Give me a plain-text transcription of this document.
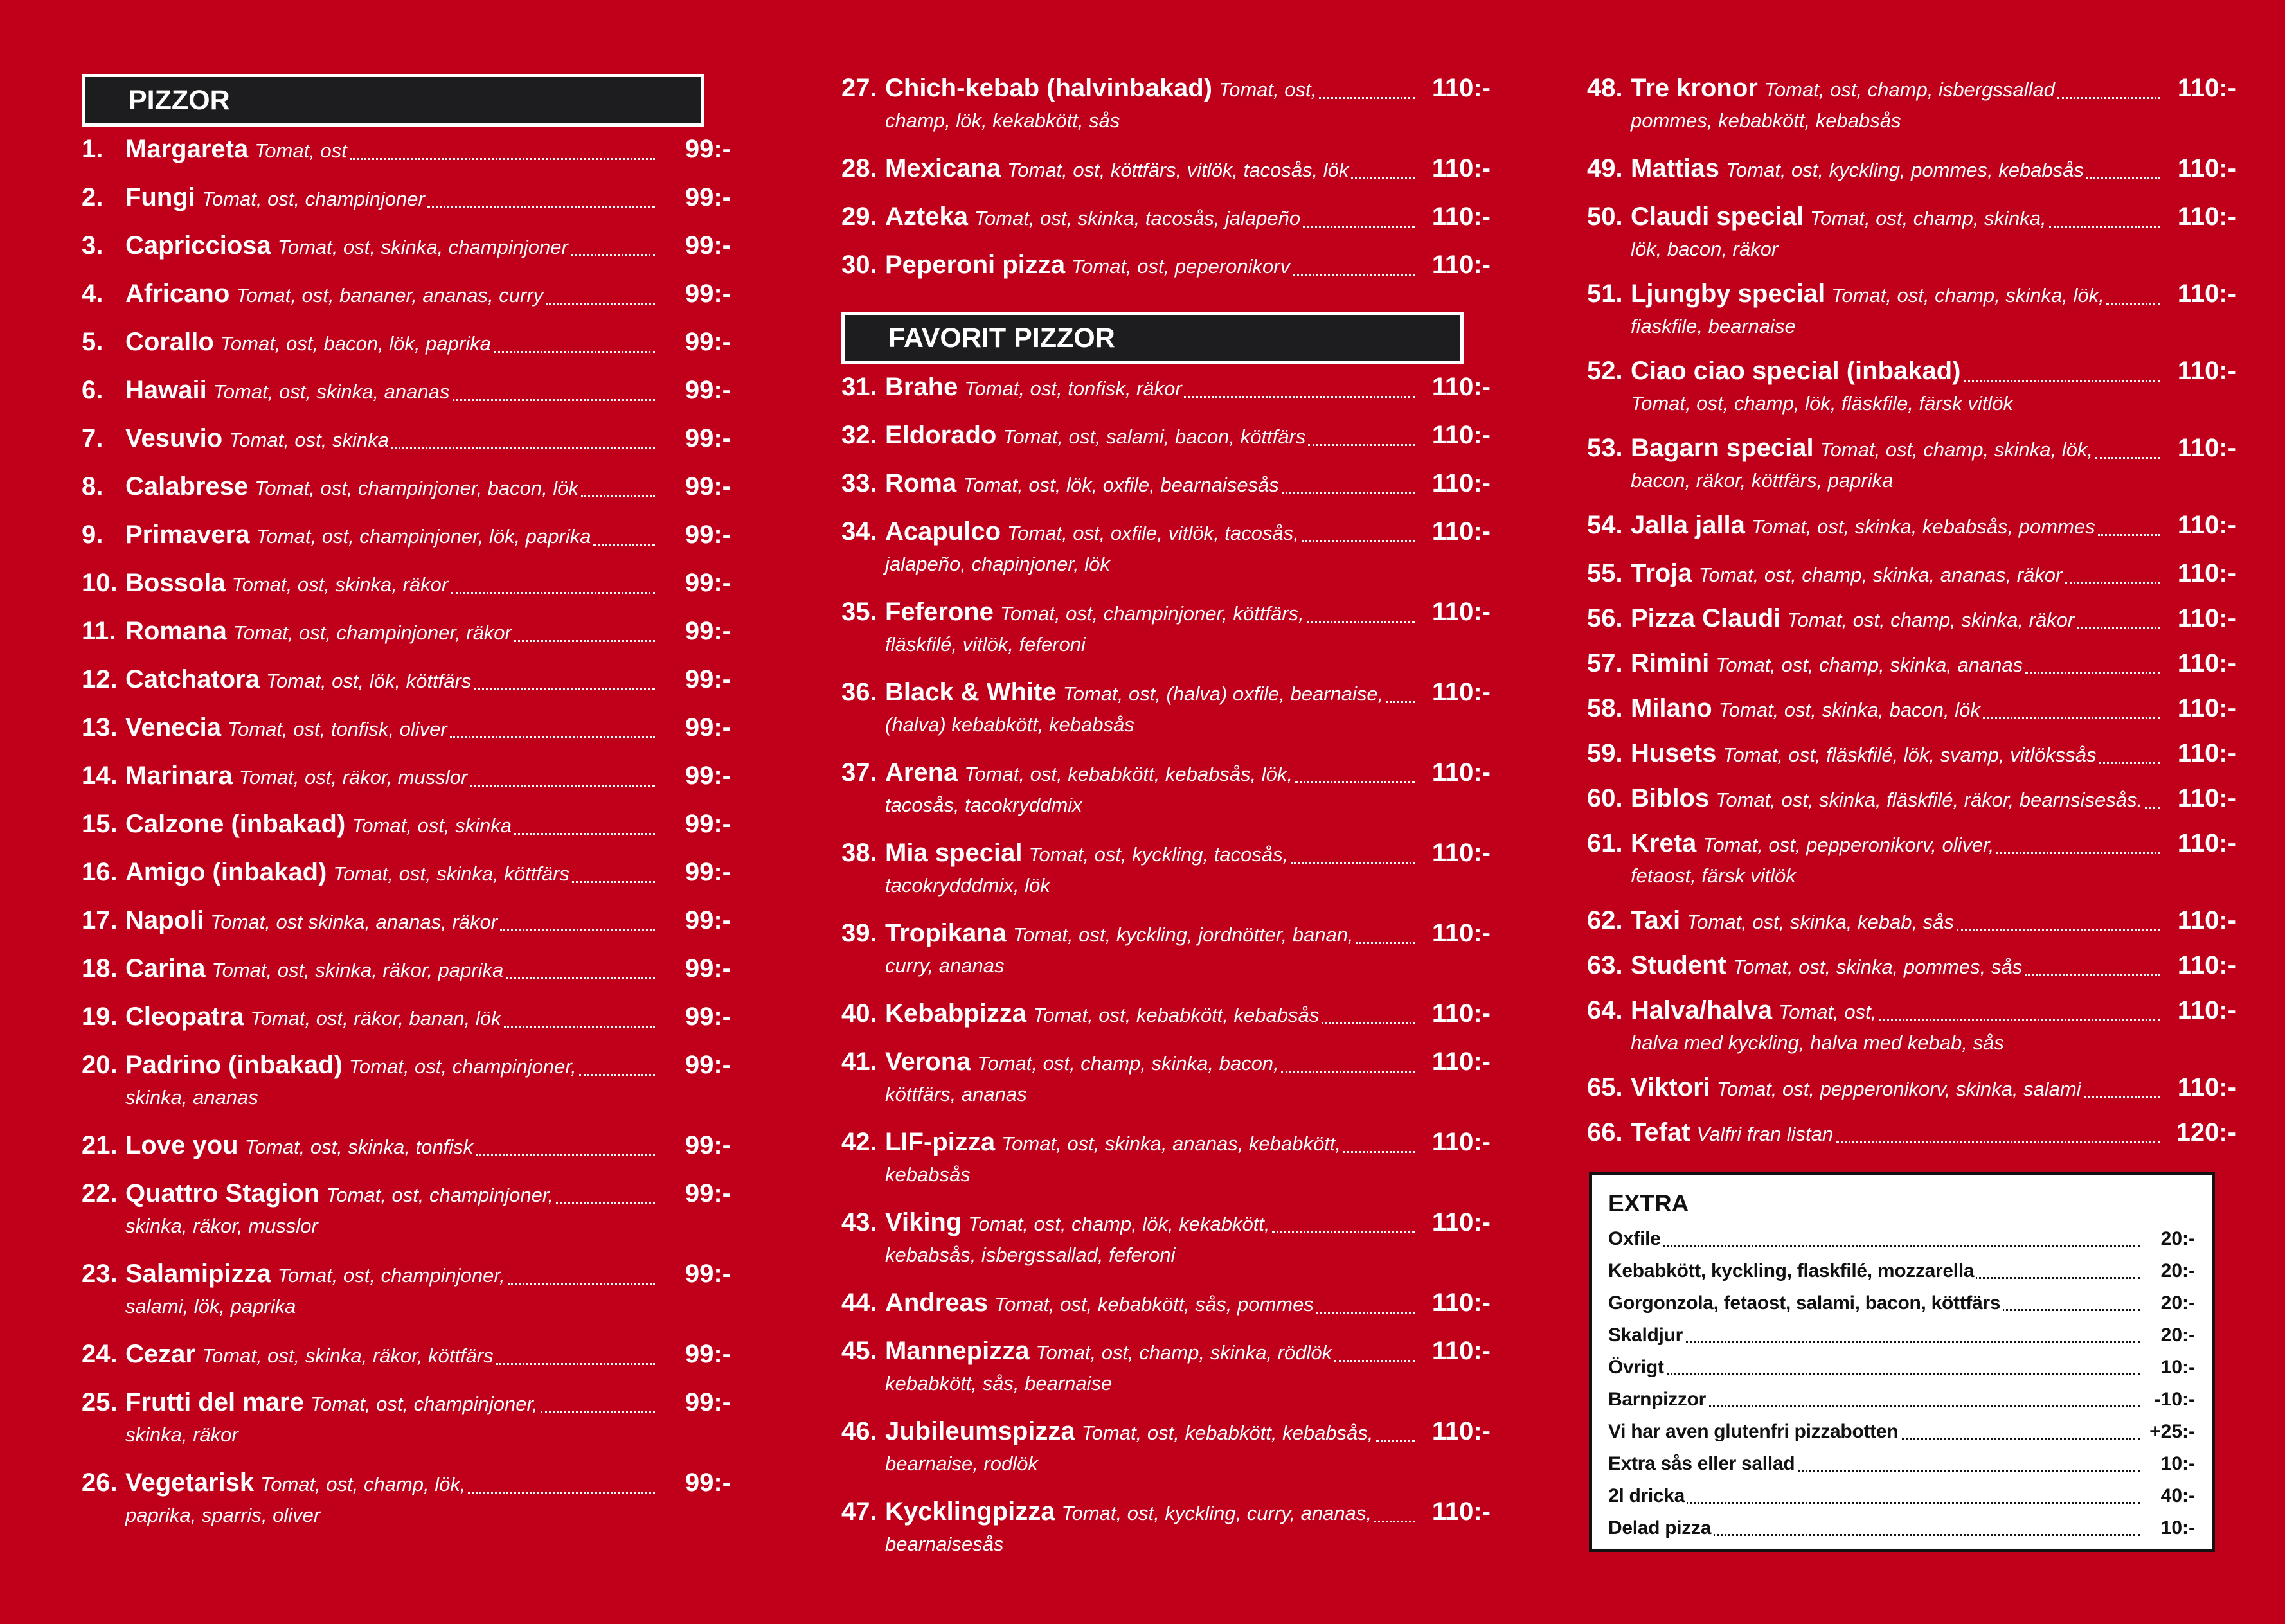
PIZZOR
1. Margareta Tomat, ost	99:-
2. Fungi Tomat, ost, champinjoner	99:-
3. Capricciosa Tomat, ost, skinka, champinjoner	99:-
4. Africano Tomat, ost, bananer, ananas, curry	99:-
5. Corallo Tomat, ost, bacon, lök, paprika	99:-
6. Hawaii Tomat, ost, skinka, ananas	99:-
7. Vesuvio Tomat, ost, skinka	99:-
8. Calabrese Tomat, ost, champinjoner, bacon, lök	99:-
9. Primavera Tomat, ost, champinjoner, lök, paprika	99:-
10. Bossola Tomat, ost, skinka, räkor	99:-
11. Romana Tomat, ost, champinjoner, räkor	99:-
12. Catchatora Tomat, ost, lök, köttfärs	99:-
13. Venecia Tomat, ost, tonfisk, oliver	99:-
14. Marinara Tomat, ost, räkor, musslor	99:-
15. Calzone (inbakad) Tomat, ost, skinka	99:-
16. Amigo (inbakad) Tomat, ost, skinka, köttfärs	99:-
17. Napoli Tomat, ost skinka, ananas, räkor	99:-
18. Carina Tomat, ost, skinka, räkor, paprika	99:-
19. Cleopatra Tomat, ost, räkor, banan, lök	99:-
20. Padrino (inbakad) Tomat, ost, champinjoner,	99:-
skinka, ananas
21. Love you Tomat, ost, skinka, tonfisk	99:-
22. Quattro Stagion Tomat, ost, champinjoner,	99:-
skinka, räkor, musslor
23. Salamipizza Tomat, ost, champinjoner,	99:-
salami, lök, paprika
24. Cezar Tomat, ost, skinka, räkor, köttfärs	99:-
25. Frutti del mare Tomat, ost, champinjoner,	99:-
skinka, räkor
26. Vegetarisk Tomat, ost, champ, lök,	99:-
paprika, sparris, oliver
27. Chich-kebab (halvinbakad) Tomat, ost,	110:-
champ, lök, kekabkött, sås
28. Mexicana Tomat, ost, köttfärs, vitlök, tacosås, lök	110:-
29. Azteka Tomat, ost, skinka, tacosås, jalapeño	110:-
30. Peperoni pizza Tomat, ost, peperonikorv	110:-
FAVORIT PIZZOR
31. Brahe Tomat, ost, tonfisk, räkor	110:-
32. Eldorado Tomat, ost, salami, bacon, köttfärs	110:-
33. Roma Tomat, ost, lök, oxfile, bearnaisesås	110:-
34. Acapulco Tomat, ost, oxfile, vitlök, tacosås,	110:-
jalapeño, chapinjoner, lök
35. Feferone Tomat, ost, champinjoner, köttfärs,	110:-
fläskfilé, vitlök, feferoni
36. Black & White Tomat, ost, (halva) oxfile, bearnaise,	110:-
(halva) kebabkött, kebabsås
37. Arena Tomat, ost, kebabkött, kebabsås, lök,	110:-
tacosås, tacokryddmix
38. Mia special Tomat, ost, kyckling, tacosås,	110:-
tacokrydddmix, lök
39. Tropikana Tomat, ost, kyckling, jordnötter, banan,	110:-
curry, ananas
40. Kebabpizza Tomat, ost, kebabkött, kebabsås	110:-
41. Verona Tomat, ost, champ, skinka, bacon,	110:-
köttfärs, ananas
42. LIF-pizza Tomat, ost, skinka, ananas, kebabkött,	110:-
kebabsås
43. Viking Tomat, ost, champ, lök, kekabkött,	110:-
kebabsås, isbergssallad, feferoni
44. Andreas Tomat, ost, kebabkött, sås, pommes	110:-
45. Mannepizza Tomat, ost, champ, skinka, rödlök	110:-
kebabkött, sås, bearnaise
46. Jubileumspizza Tomat, ost, kebabkött, kebabsås,	110:-
bearnaise, rodlök
47. Kycklingpizza Tomat, ost, kyckling, curry, ananas,	110:-
bearnaisesås
48. Tre kronor Tomat, ost, champ, isbergssallad	110:-
pommes, kebabkött, kebabsås
49. Mattias Tomat, ost, kyckling, pommes, kebabsås	110:-
50. Claudi special Tomat, ost, champ, skinka,	110:-
lök, bacon, räkor
51. Ljungby special Tomat, ost, champ, skinka, lök,	110:-
fiaskfile, bearnaise
52. Ciao ciao special (inbakad)	110:-
Tomat, ost, champ, lök, fläskfile, färsk vitlök
53. Bagarn special Tomat, ost, champ, skinka, lök,	110:-
bacon, räkor, köttfärs, paprika
54. Jalla jalla Tomat, ost, skinka, kebabsås, pommes	110:-
55. Troja Tomat, ost, champ, skinka, ananas, räkor	110:-
56. Pizza Claudi Tomat, ost, champ, skinka, räkor	110:-
57. Rimini Tomat, ost, champ, skinka, ananas	110:-
58. Milano Tomat, ost, skinka, bacon, lök	110:-
59. Husets Tomat, ost, fläskfilé, lök, svamp, vitlökssås	110:-
60. Biblos Tomat, ost, skinka, fläskfilé, räkor, bearnsisesås.	110:-
61. Kreta Tomat, ost, pepperonikorv, oliver,	110:-
fetaost, färsk vitlök
62. Taxi Tomat, ost, skinka, kebab, sås	110:-
63. Student Tomat, ost, skinka, pommes, sås	110:-
64. Halva/halva Tomat, ost,	110:-
halva med kyckling, halva med kebab, sås
65. Viktori Tomat, ost, pepperonikorv, skinka, salami	110:-
66. Tefat Valfri fran listan	120:-
EXTRA
Oxfile	20:-
Kebabkött, kyckling, flaskfilé, mozzarella	20:-
Gorgonzola, fetaost, salami, bacon, köttfärs	20:-
Skaldjur	20:-
Övrigt	10:-
Barnpizzor	-10:-
Vi har aven glutenfri pizzabotten	+25:-
Extra sås eller sallad	10:-
2l dricka	40:-
Delad pizza	10:-
